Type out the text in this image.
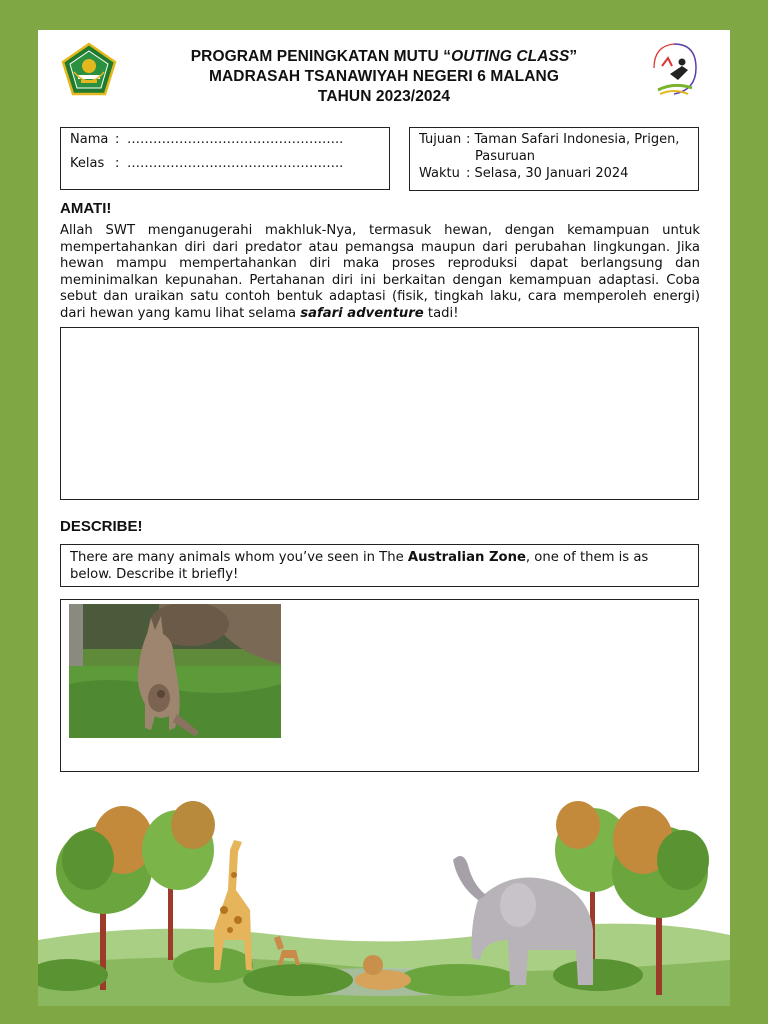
PROGRAM PENINGKATAN MUTU “OUTING CLASS”
MADRASAH TSANAWIYAH NEGERI 6 MALANG
TAHUN 2023/2024
Nama : …………………………………………..
Kelas : …………………………………………..
Tujuan : Taman Safari Indonesia, Prigen,
Pasuruan
Waktu : Selasa, 30 Januari 2024
AMATI!

Allah SWT menganugerahi makhluk-Nya, termasuk hewan, dengan kemampuan untuk mempertahankan diri dari predator atau pemangsa maupun dari perubahan lingkungan. Jika hewan mampu mempertahankan diri maka proses reproduksi dapat berlangsung dan meminimalkan kepunahan. Pertahanan diri ini berkaitan dengan kemampuan adaptasi. Coba sebut dan uraikan satu contoh bentuk adaptasi (fisik, tingkah laku, cara memperoleh energi) dari hewan yang kamu lihat selama safari adventure tadi!

DESCRIBE!
There are many animals whom you’ve seen in The Australian Zone, one of them is as below. Describe it briefly!
